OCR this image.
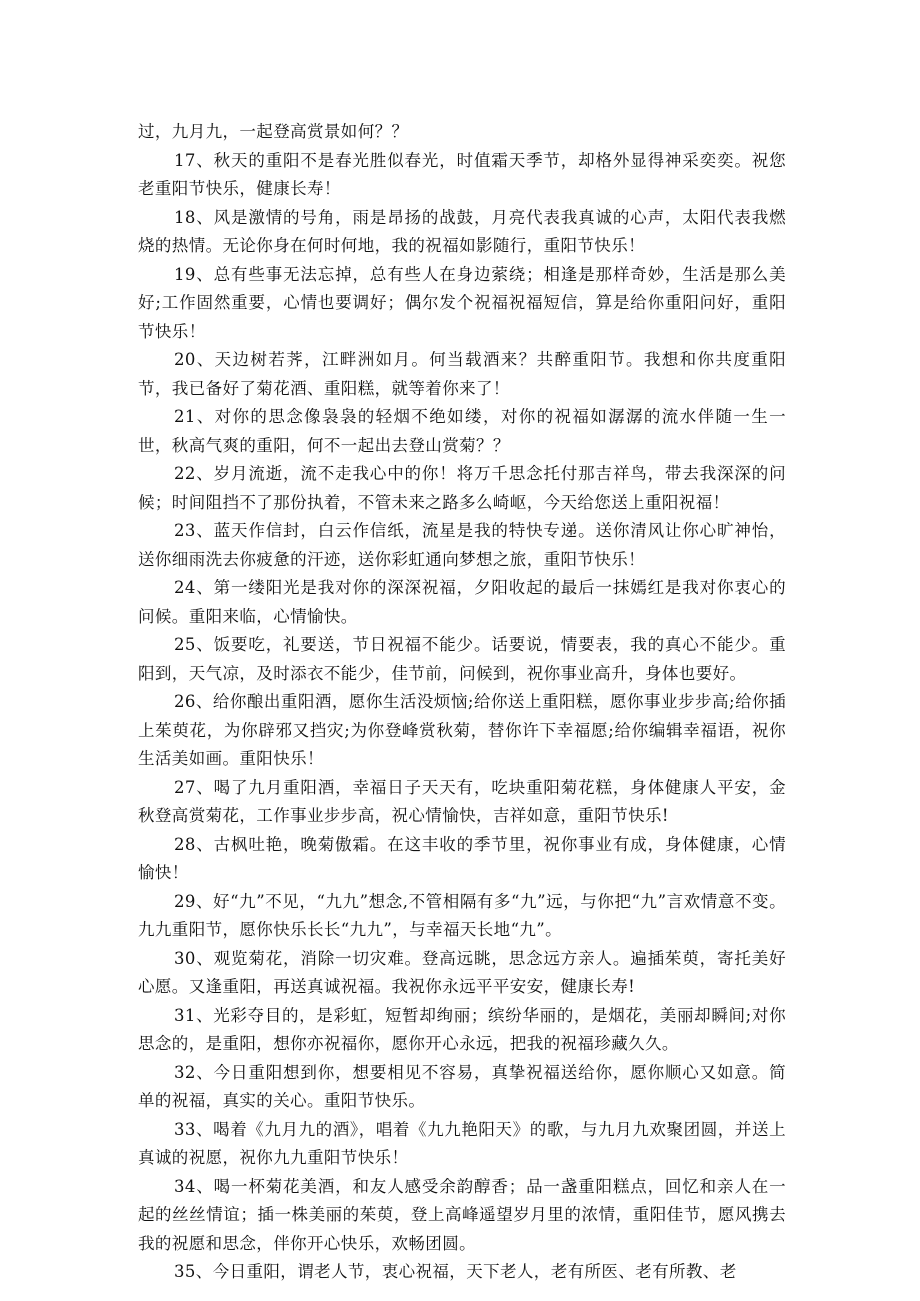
过，九月九，一起登高赏景如何？？

17、秋天的重阳不是春光胜似春光，时值霜天季节，却格外显得神采奕奕。祝您老重阳节快乐，健康长寿！

18、风是激情的号角，雨是昂扬的战鼓，月亮代表我真诚的心声，太阳代表我燃烧的热情。无论你身在何时何地，我的祝福如影随行，重阳节快乐！

19、总有些事无法忘掉，总有些人在身边萦绕；相逢是那样奇妙，生活是那么美好;工作固然重要，心情也要调好；偶尔发个祝福祝福短信，算是给你重阳问好，重阳节快乐！

20、天边树若荠，江畔洲如月。何当载酒来？共醉重阳节。我想和你共度重阳节，我已备好了菊花酒、重阳糕，就等着你来了！

21、对你的思念像袅袅的轻烟不绝如缕，对你的祝福如潺潺的流水伴随一生一世，秋高气爽的重阳，何不一起出去登山赏菊？？

22、岁月流逝，流不走我心中的你！将万千思念托付那吉祥鸟，带去我深深的问候；时间阻挡不了那份执着，不管未来之路多么崎岖，今天给您送上重阳祝福！

23、蓝天作信封，白云作信纸，流星是我的特快专递。送你清风让你心旷神怡，送你细雨洗去你疲惫的汗迹，送你彩虹通向梦想之旅，重阳节快乐！

24、第一缕阳光是我对你的深深祝福，夕阳收起的最后一抹嫣红是我对你衷心的问候。重阳来临，心情愉快。

25、饭要吃，礼要送，节日祝福不能少。话要说，情要表，我的真心不能少。重阳到，天气凉，及时添衣不能少，佳节前，问候到，祝你事业高升，身体也要好。

26、给你酿出重阳酒，愿你生活没烦恼;给你送上重阳糕，愿你事业步步高;给你插上茱萸花，为你辟邪又挡灾;为你登峰赏秋菊，替你许下幸福愿;给你编辑幸福语，祝你生活美如画。重阳快乐！

27、喝了九月重阳酒，幸福日子天天有，吃块重阳菊花糕，身体健康人平安，金秋登高赏菊花，工作事业步步高，祝心情愉快，吉祥如意，重阳节快乐!

28、古枫吐艳，晚菊傲霜。在这丰收的季节里，祝你事业有成，身体健康，心情愉快！

29、好“九”不见，“九九”想念,不管相隔有多“九”远，与你把“九”言欢情意不变。九九重阳节，愿你快乐长长“九九”，与幸福天长地“九”。

30、观览菊花，消除一切灾难。登高远眺，思念远方亲人。遍插茱萸，寄托美好心愿。又逢重阳，再送真诚祝福。我祝你永远平平安安，健康长寿!

31、光彩夺目的，是彩虹，短暂却绚丽；缤纷华丽的，是烟花，美丽却瞬间;对你思念的，是重阳，想你亦祝福你，愿你开心永远，把我的祝福珍藏久久。

32、今日重阳想到你，想要相见不容易，真挚祝福送给你，愿你顺心又如意。简单的祝福，真实的关心。重阳节快乐。

33、喝着《九月九的酒》，唱着《九九艳阳天》的歌，与九月九欢聚团圆，并送上真诚的祝愿，祝你九九重阳节快乐！

34、喝一杯菊花美酒，和友人感受余韵醇香；品一盏重阳糕点，回忆和亲人在一起的丝丝情谊；插一株美丽的茱萸，登上高峰遥望岁月里的浓情，重阳佳节，愿风携去我的祝愿和思念，伴你开心快乐，欢畅团圆。

35、今日重阳，谓老人节，衷心祝福，天下老人，老有所医、老有所教、老
